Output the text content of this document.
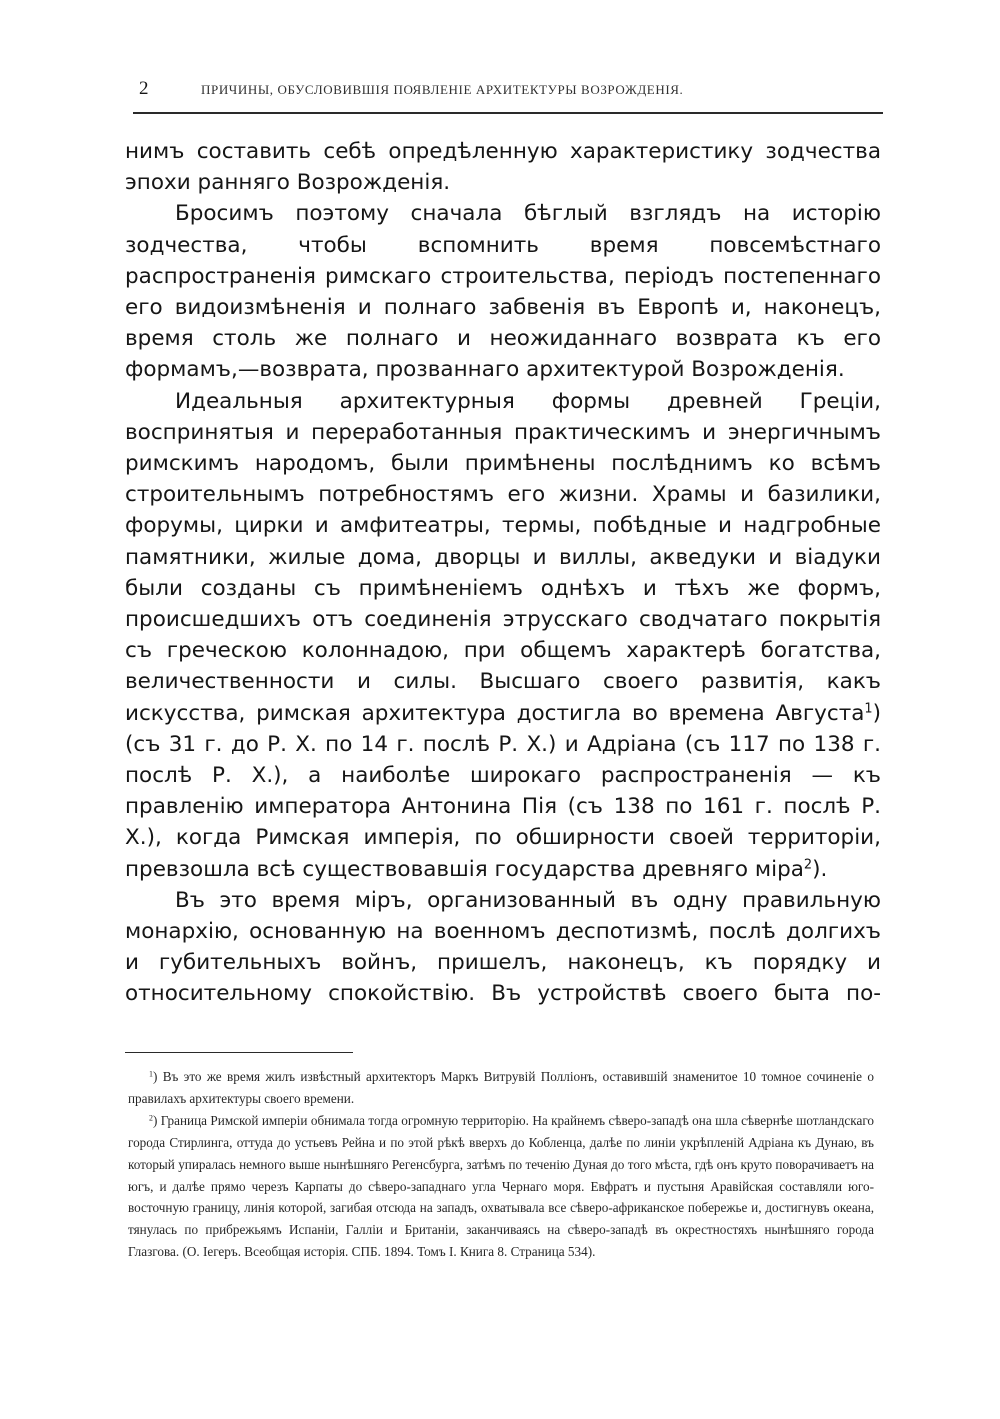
2	ПРИЧИНЫ, ОБУСЛОВИВШІЯ ПОЯВЛЕНІЕ АРХИТЕКТУРЫ ВОЗРОЖДЕНІЯ.

нимъ составить себѣ опредѣленную характеристику зодчества эпохи ранняго Возрожденія.

Бросимъ поэтому сначала бѣглый взглядъ на исторію зодчества, чтобы вспомнить время повсемѣстнаго распространенія римскаго строительства, періодъ постепеннаго его видоизмѣненія и полнаго забвенія въ Европѣ и, наконецъ, время столь же полнаго и неожиданнаго возврата къ его формамъ,—возврата, прозваннаго архитектурой Возрожденія.

Идеальныя архитектурныя формы древней Греціи, воспринятыя и переработанныя практическимъ и энергичнымъ римскимъ народомъ, были примѣнены послѣднимъ ко всѣмъ строительнымъ потребностямъ его жизни. Храмы и базилики, форумы, цирки и амфитеатры, термы, побѣдные и надгробные памятники, жилые дома, дворцы и виллы, акведуки и віадуки были созданы съ примѣненіемъ однѣхъ и тѣхъ же формъ, происшедшихъ отъ соединенія этрусскаго сводчатаго покрытія съ греческою колоннадою, при общемъ характерѣ богатства, величественности и силы. Высшаго своего развитія, какъ искусства, римская архитектура достигла во времена Августа$^1$) (съ 31 г. до Р. Х. по 14 г. послѣ Р. Х.) и Адріана (съ 117 по 138 г. послѣ Р. Х.), а наиболѣе широкаго распространенія — къ правленію императора Антонина Пія (съ 138 по 161 г. послѣ Р. Х.), когда Римская имперія, по обширности своей территоріи, превзошла всѣ существовавшія государства древняго міра$^2$).

Въ это время міръ, организованный въ одну правильную монархію, основанную на военномъ деспотизмѣ, послѣ долгихъ и губительныхъ войнъ, пришелъ, наконецъ, къ порядку и относительному спокойствію. Въ устройствѣ своего быта по-

$^1$) Въ это же время жилъ извѣстный архитекторъ Маркъ Витрувій Полліонъ, оставившій знаменитое 10 томное сочиненіе о правилахъ архитектуры своего времени.

$^2$) Граница Римской имперіи обнимала тогда огромную территорію. На крайнемъ сѣверо-западѣ она шла сѣвернѣе шотландскаго города Стирлинга, оттуда до устьевъ Рейна и по этой рѣкѣ вверхъ до Кобленца, далѣе по линіи укрѣпленій Адріана къ Дунаю, въ который упиралась немного выше нынѣшняго Регенсбурга, затѣмъ по теченію Дуная до того мѣста, гдѣ онъ круто поворачиваетъ на югъ, и далѣе прямо черезъ Карпаты до сѣверо-западнаго угла Чернаго моря. Евфратъ и пустыня Аравійская составляли юго-восточную границу, линія которой, загибая отсюда на западъ, охватывала все сѣверо-африканское побережье и, достигнувъ океана, тянулась по прибрежьямъ Испаніи, Галліи и Британіи, заканчиваясь на сѣверо-западѣ въ окрестностяхъ нынѣшняго города Глазгова. (О. Іегеръ. Всеобщая исторія. СПБ. 1894. Томъ I. Книга 8. Страница 534).
